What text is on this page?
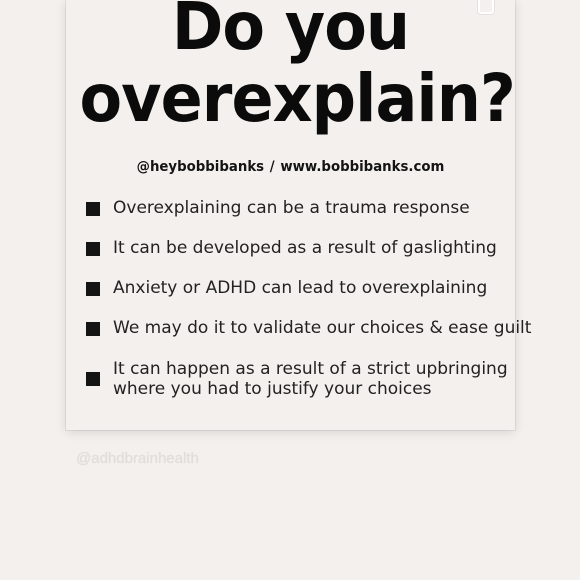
Do you
overexplain?
@heybobbibanks / www.bobbibanks.com
Overexplaining can be a trauma response
It can be developed as a result of gaslighting
Anxiety or ADHD can lead to overexplaining
We may do it to validate our choices & ease guilt
It can happen as a result of a strict upbringing
where you had to justify your choices
@adhdbrainhealth
